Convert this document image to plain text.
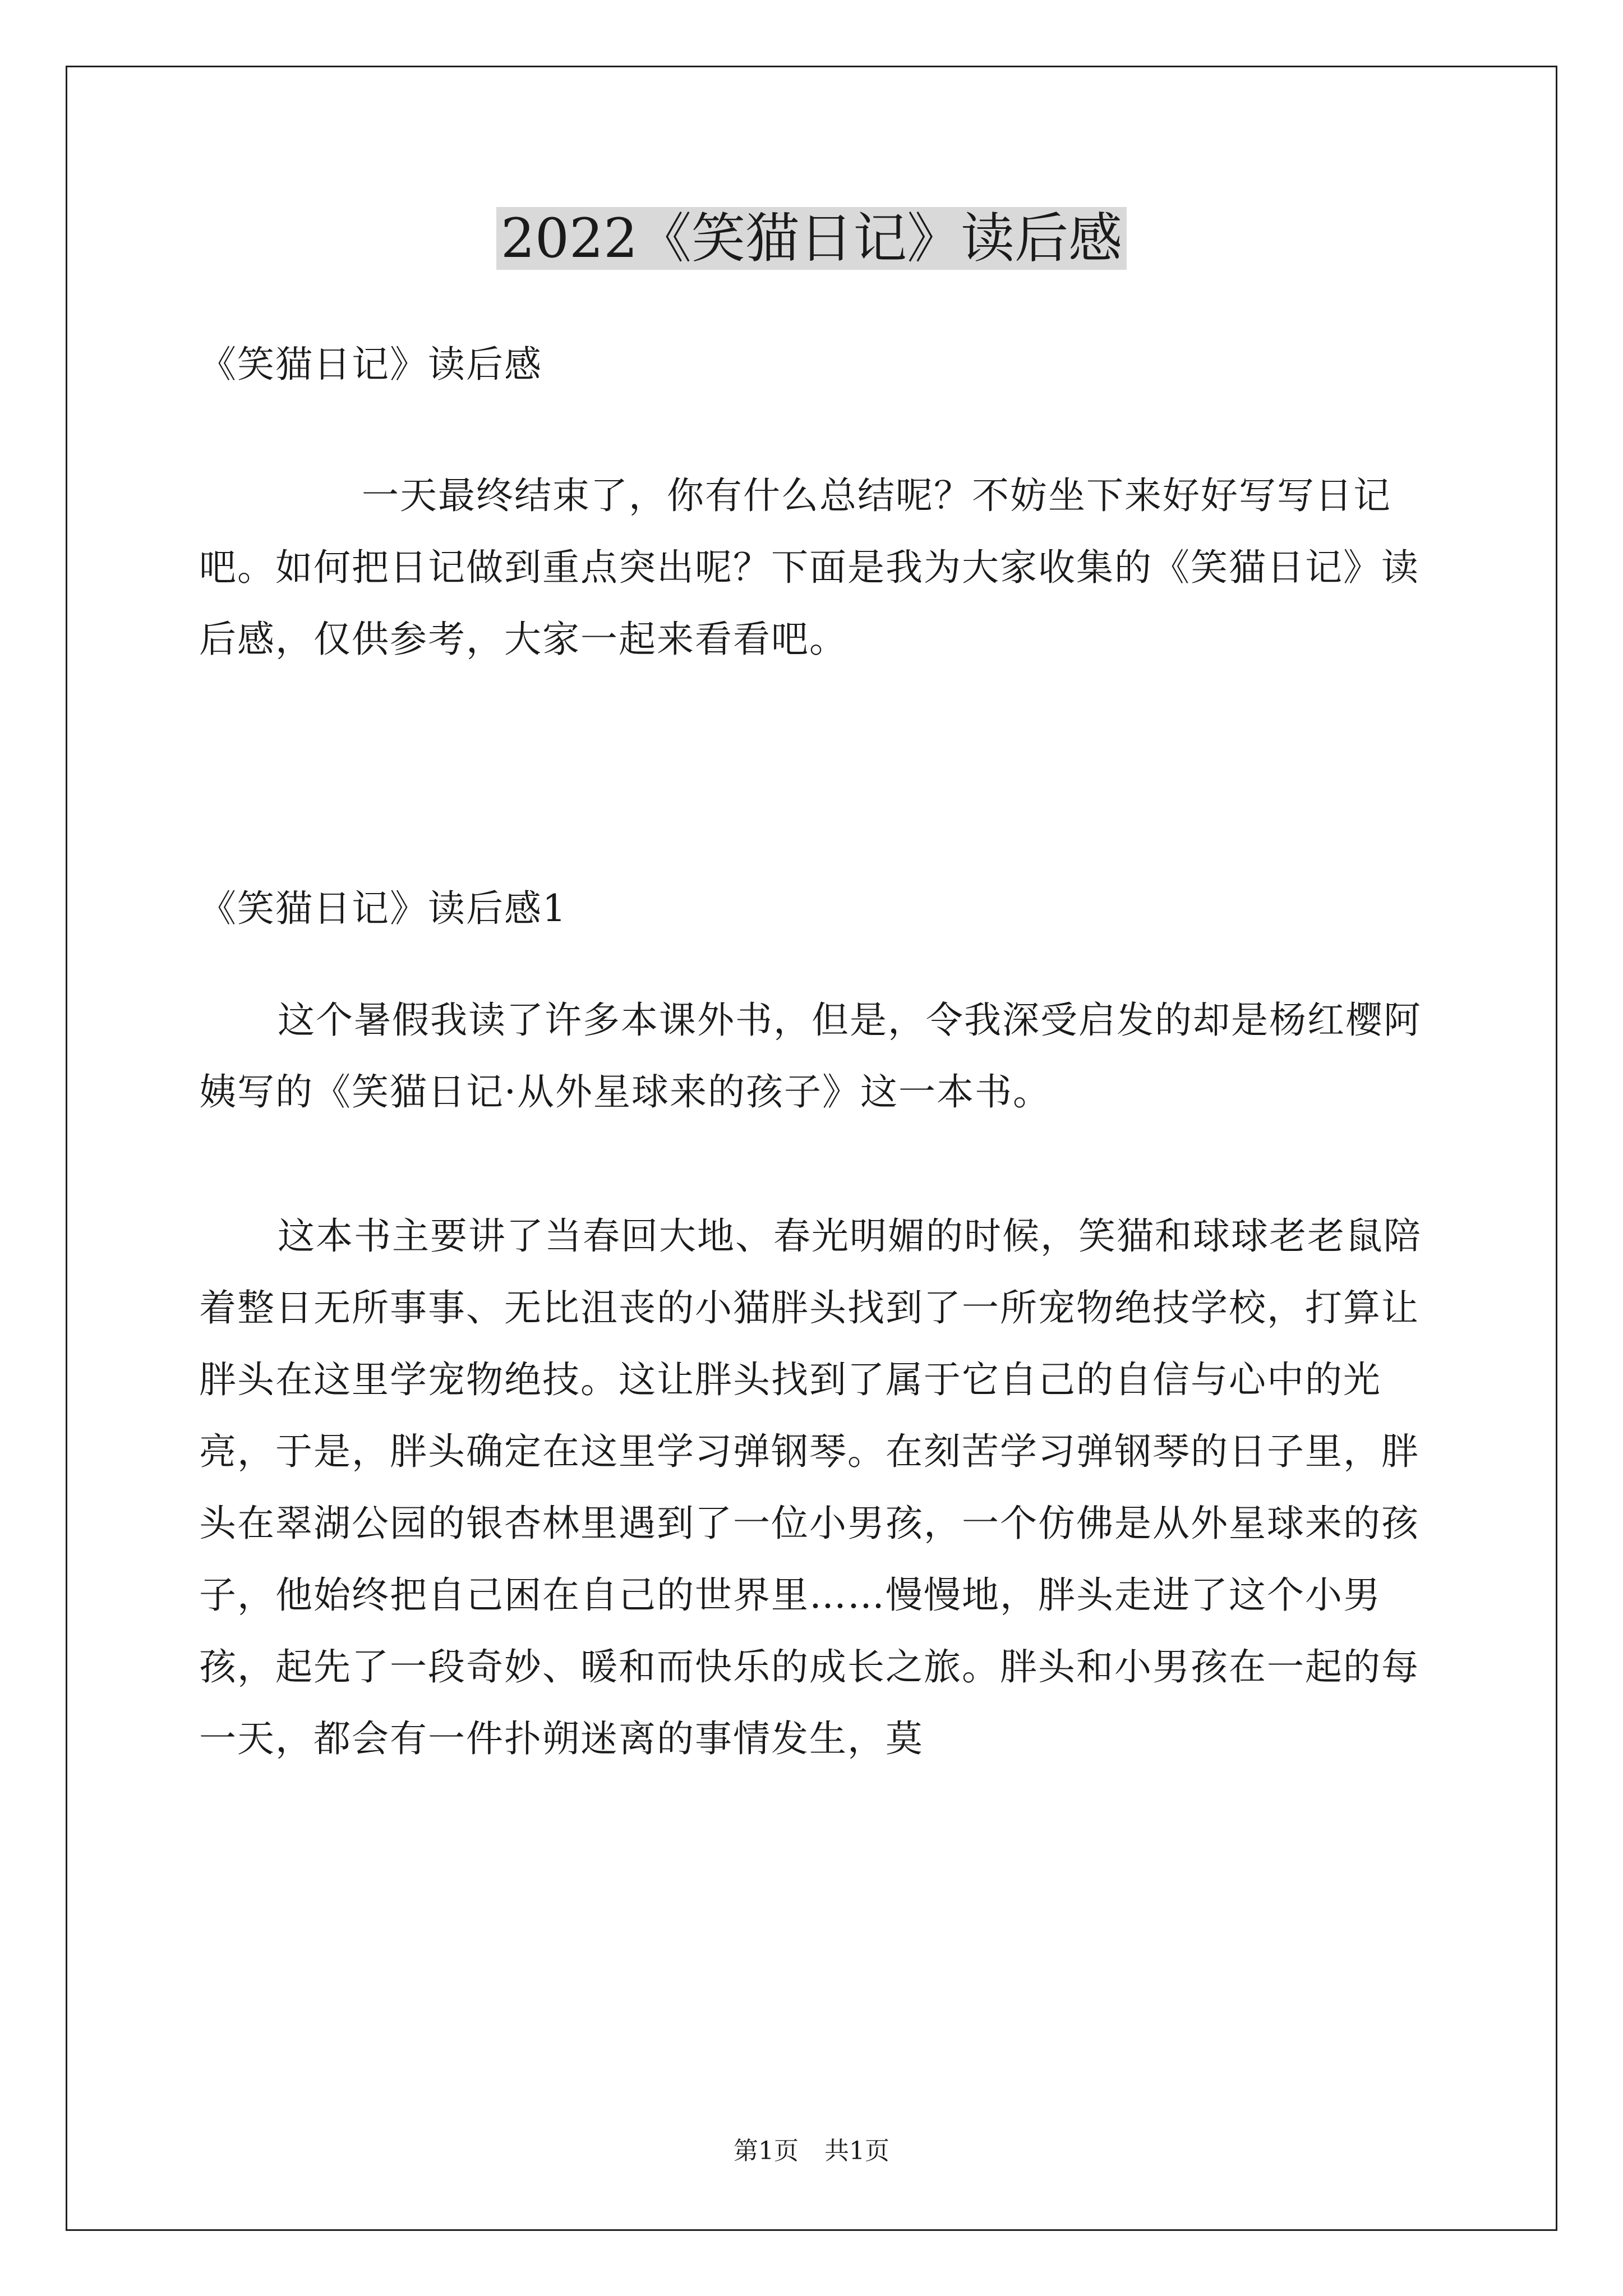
2022《笑猫日记》读后感

《笑猫日记》读后感

一天最终结束了，你有什么总结呢？不妨坐下来好好写写日记吧。如何把日记做到重点突出呢？下面是我为大家收集的《笑猫日记》读后感，仅供参考，大家一起来看看吧。

《笑猫日记》读后感1

这个暑假我读了许多本课外书，但是，令我深受启发的却是杨红樱阿姨写的《笑猫日记·从外星球来的孩子》这一本书。

这本书主要讲了当春回大地、春光明媚的时候，笑猫和球球老老鼠陪着整日无所事事、无比沮丧的小猫胖头找到了一所宠物绝技学校，打算让胖头在这里学宠物绝技。这让胖头找到了属于它自己的自信与心中的光亮，于是，胖头确定在这里学习弹钢琴。在刻苦学习弹钢琴的日子里，胖头在翠湖公园的银杏林里遇到了一位小男孩，一个仿佛是从外星球来的孩子，他始终把自己困在自己的世界里……慢慢地，胖头走进了这个小男孩，起先了一段奇妙、暖和而快乐的成长之旅。胖头和小男孩在一起的每一天，都会有一件扑朔迷离的事情发生，莫

第1页 共1页
